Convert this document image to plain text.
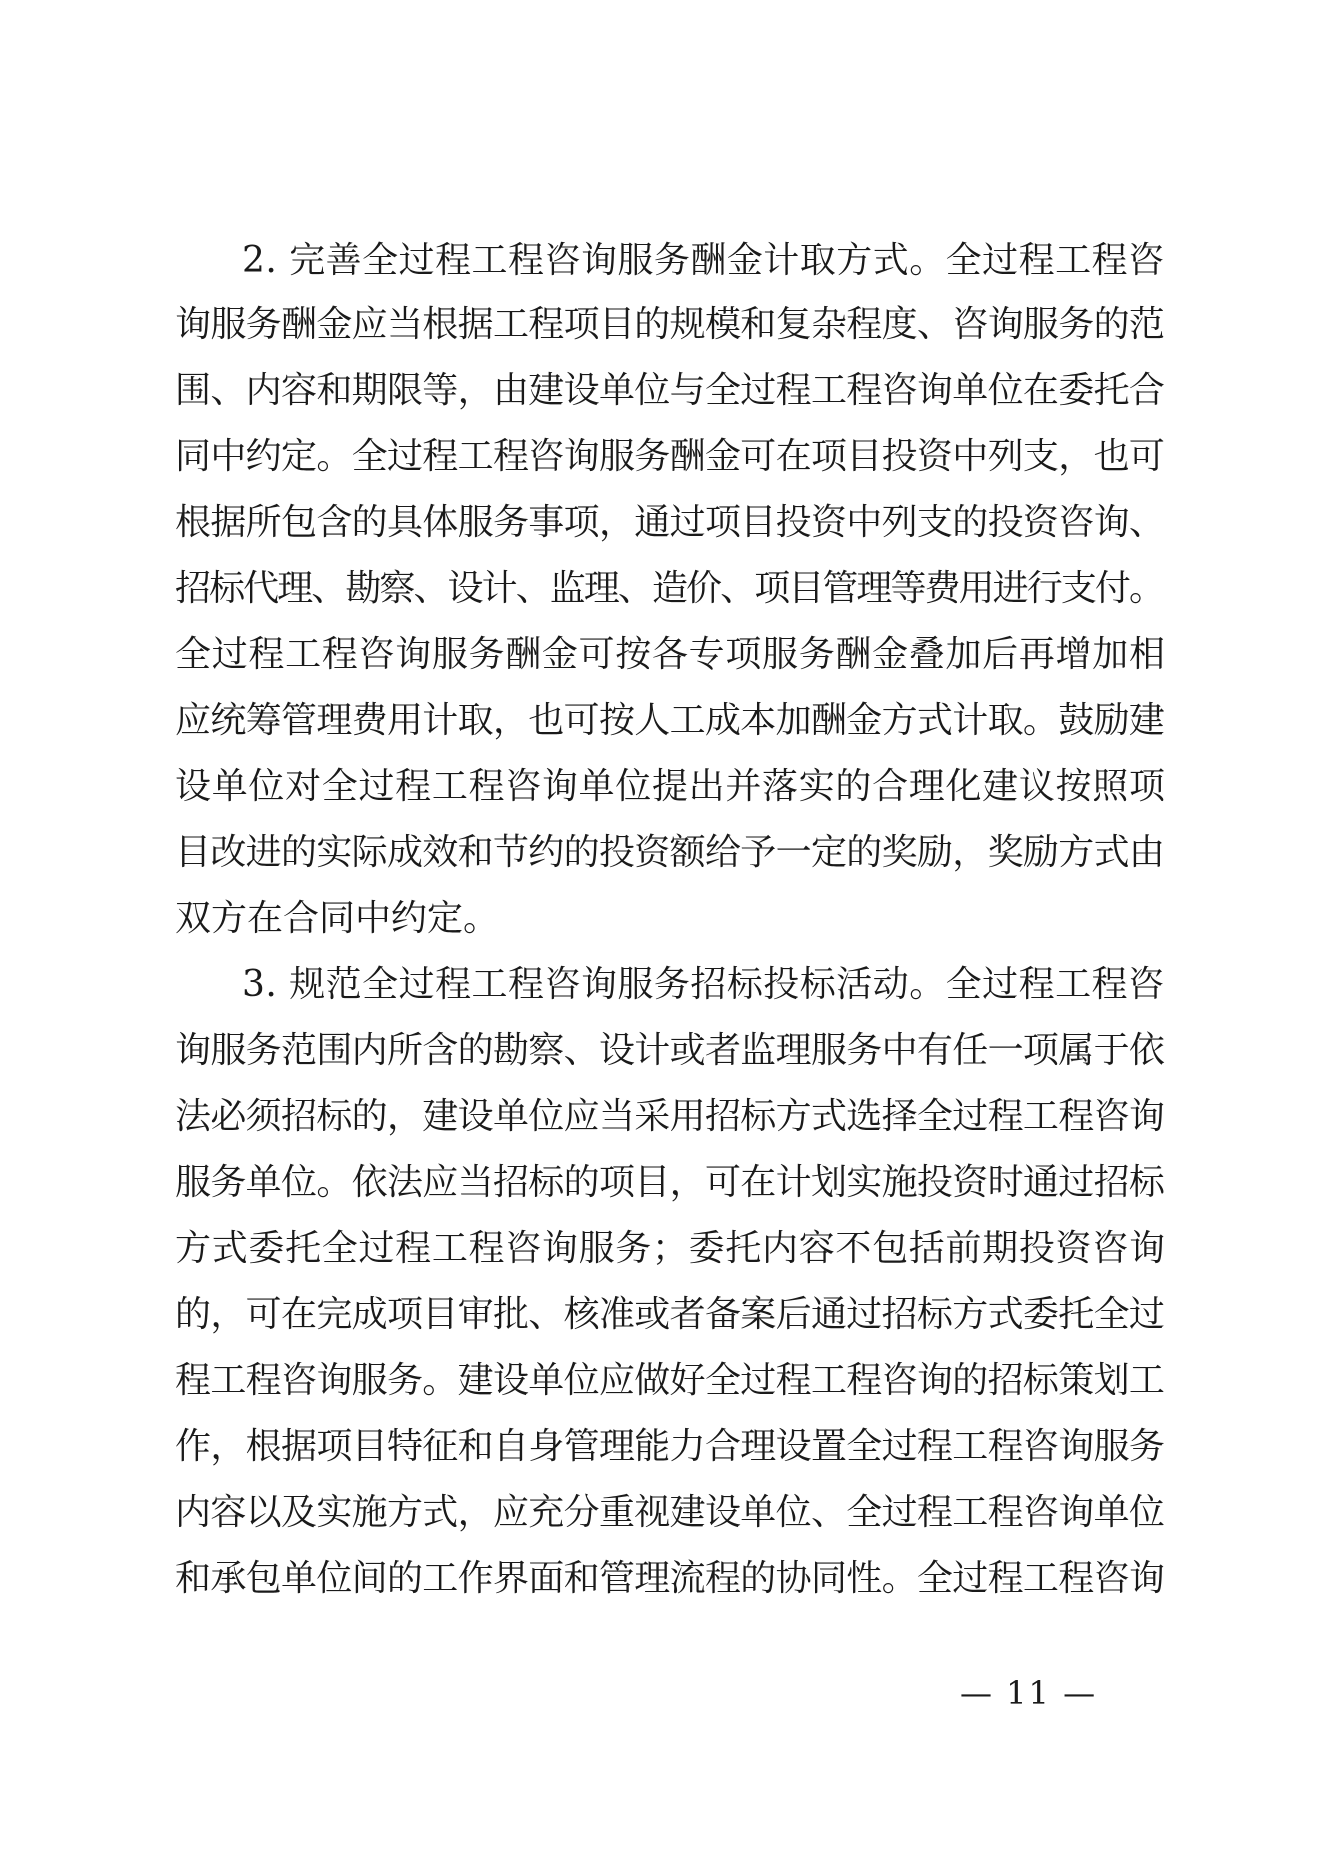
2. 完善全过程工程咨询服务酬金计取方式。全过程工程咨
询服务酬金应当根据工程项目的规模和复杂程度、咨询服务的范
围、内容和期限等，由建设单位与全过程工程咨询单位在委托合
同中约定。全过程工程咨询服务酬金可在项目投资中列支，也可
根据所包含的具体服务事项，通过项目投资中列支的投资咨询、
招标代理、勘察、设计、监理、造价、项目管理等费用进行支付。
全过程工程咨询服务酬金可按各专项服务酬金叠加后再增加相
应统筹管理费用计取，也可按人工成本加酬金方式计取。鼓励建
设单位对全过程工程咨询单位提出并落实的合理化建议按照项
目改进的实际成效和节约的投资额给予一定的奖励，奖励方式由
双方在合同中约定。
3. 规范全过程工程咨询服务招标投标活动。全过程工程咨
询服务范围内所含的勘察、设计或者监理服务中有任一项属于依
法必须招标的，建设单位应当采用招标方式选择全过程工程咨询
服务单位。依法应当招标的项目，可在计划实施投资时通过招标
方式委托全过程工程咨询服务；委托内容不包括前期投资咨询
的，可在完成项目审批、核准或者备案后通过招标方式委托全过
程工程咨询服务。建设单位应做好全过程工程咨询的招标策划工
作，根据项目特征和自身管理能力合理设置全过程工程咨询服务
内容以及实施方式，应充分重视建设单位、全过程工程咨询单位
和承包单位间的工作界面和管理流程的协同性。全过程工程咨询
— 11 —
